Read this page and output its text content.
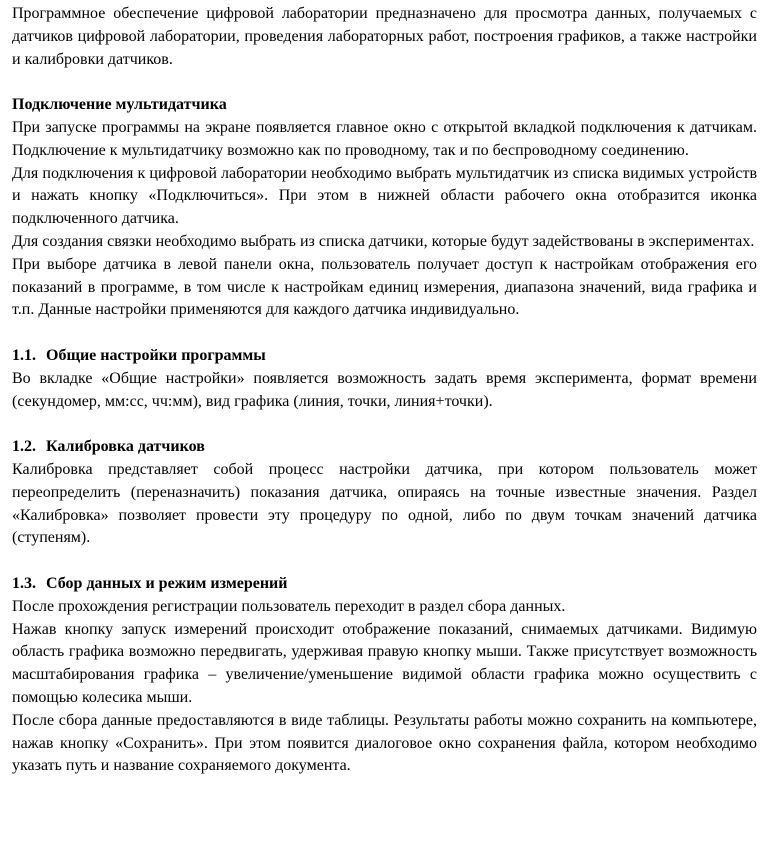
Программное обеспечение цифровой лаборатории предназначено для просмотра данных, получаемых с датчиков цифровой лаборатории, проведения лабораторных работ, построения графиков, а также настройки и калибровки датчиков.

Подключение мультидатчика

При запуске программы на экране появляется главное окно с открытой вкладкой подключения к датчикам. Подключение к мультидатчику возможно как по проводному, так и по беспроводному соединению.

Для подключения к цифровой лаборатории необходимо выбрать мультидатчик из списка видимых устройств и нажать кнопку «Подключиться». При этом в нижней области рабочего окна отобразится иконка подключенного датчика.

Для создания связки необходимо выбрать из списка датчики, которые будут задействованы в экспериментах.

При выборе датчика в левой панели окна, пользователь получает доступ к настройкам отображения его показаний в программе, в том числе к настройкам единиц измерения, диапазона значений, вида графика и т.п. Данные настройки применяются для каждого датчика индивидуально.

1.1. Общие настройки программы

Во вкладке «Общие настройки» появляется возможность задать время эксперимента, формат времени (секундомер, мм:сс, чч:мм), вид графика (линия, точки, линия+точки).

1.2. Калибровка датчиков

Калибровка представляет собой процесс настройки датчика, при котором пользователь может переопределить (переназначить) показания датчика, опираясь на точные известные значения. Раздел «Калибровка» позволяет провести эту процедуру по одной, либо по двум точкам значений датчика (ступеням).

1.3. Сбор данных и режим измерений

После прохождения регистрации пользователь переходит в раздел сбора данных.

Нажав кнопку запуск измерений происходит отображение показаний, снимаемых датчиками. Видимую область графика возможно передвигать, удерживая правую кнопку мыши. Также присутствует возможность масштабирования графика – увеличение/уменьшение видимой области графика можно осуществить с помощью колесика мыши.

После сбора данные предоставляются в виде таблицы. Результаты работы можно сохранить на компьютере, нажав кнопку «Сохранить». При этом появится диалоговое окно сохранения файла, котором необходимо указать путь и название сохраняемого документа.
